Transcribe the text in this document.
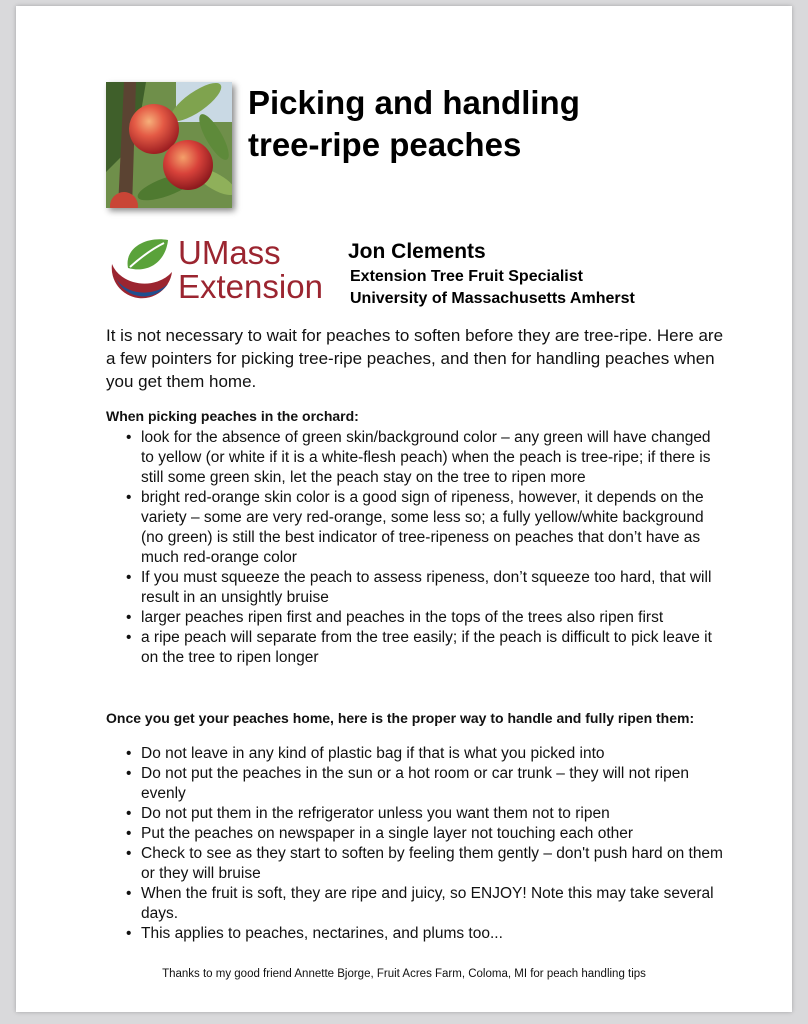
Picking and handling
tree-ripe peaches
UMass
Extension
Jon Clements
Extension Tree Fruit Specialist
University of Massachusetts Amherst

It is not necessary to wait for peaches to soften before they are tree-ripe. Here are a few pointers for picking tree-ripe peaches, and then for handling peaches when you get them home.

When picking peaches in the orchard:

• look for the absence of green skin/background color – any green will have changed to yellow (or white if it is a white-flesh peach) when the peach is tree-ripe; if there is still some green skin, let the peach stay on the tree to ripen more
• bright red-orange skin color is a good sign of ripeness, however, it depends on the variety – some are very red-orange, some less so; a fully yellow/white background (no green) is still the best indicator of tree-ripeness on peaches that don’t have as much red-orange color
• If you must squeeze the peach to assess ripeness, don’t squeeze too hard, that will result in an unsightly bruise
• larger peaches ripen first and peaches in the tops of the trees also ripen first
• a ripe peach will separate from the tree easily; if the peach is difficult to pick leave it on the tree to ripen longer

Once you get your peaches home, here is the proper way to handle and fully ripen them:

• Do not leave in any kind of plastic bag if that is what you picked into
• Do not put the peaches in the sun or a hot room or car trunk – they will not ripen evenly
• Do not put them in the refrigerator unless you want them not to ripen
• Put the peaches on newspaper in a single layer not touching each other
• Check to see as they start to soften by feeling them gently – don't push hard on them or they will bruise
• When the fruit is soft, they are ripe and juicy, so ENJOY! Note this may take several days.
• This applies to peaches, nectarines, and plums too...
Thanks to my good friend Annette Bjorge, Fruit Acres Farm, Coloma, MI for peach handling tips
